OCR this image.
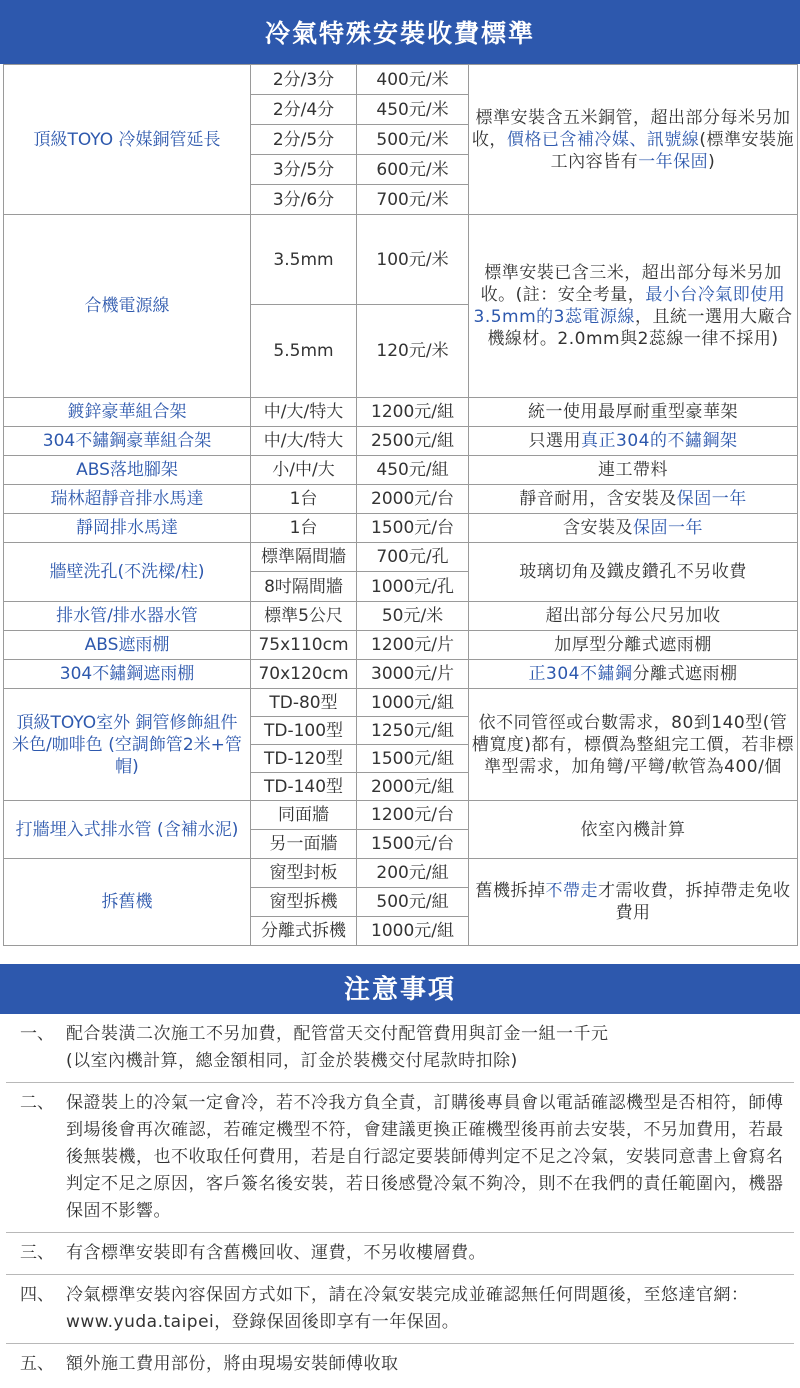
冷氣特殊安裝收費標準
頂級TOYO 冷媒銅管延長	2分/3分	400元/米	標準安裝含五米銅管，超出部分每米另加收，價格已含補冷媒、訊號線(標準安裝施工內容皆有一年保固)
	2分/4分	450元/米	
	2分/5分	500元/米	
	3分/5分	600元/米	
	3分/6分	700元/米	
合機電源線	3.5mm	100元/米	標準安裝已含三米，超出部分每米另加收。(註：安全考量，最小台冷氣即使用3.5mm的3蕊電源線，且統一選用大廠合機線材。2.0mm與2蕊線一律不採用)
	5.5mm	120元/米	
鍍鋅豪華組合架	中/大/特大	1200元/組	統一使用最厚耐重型豪華架
304不鏽鋼豪華組合架	中/大/特大	2500元/組	只選用真正304的不鏽鋼架
ABS落地腳架	小/中/大	450元/組	連工帶料
瑞林超靜音排水馬達	1台	2000元/台	靜音耐用，含安裝及保固一年
靜岡排水馬達	1台	1500元/台	含安裝及保固一年
牆壁洗孔(不洗樑/柱)	標準隔間牆	700元/孔	玻璃切角及鐵皮鑽孔不另收費
	8吋隔間牆	1000元/孔	
排水管/排水器水管	標準5公尺	50元/米	超出部分每公尺另加收
ABS遮雨棚	75x110cm	1200元/片	加厚型分離式遮雨棚
304不鏽鋼遮雨棚	70x120cm	3000元/片	正304不鏽鋼分離式遮雨棚
頂級TOYO室外 銅管修飾組件 米色/咖啡色 (空調飾管2米+管帽)	TD-80型	1000元/組	依不同管徑或台數需求，80到140型(管槽寬度)都有，標價為整組完工價，若非標準型需求，加角彎/平彎/軟管為400/個
	TD-100型	1250元/組	
	TD-120型	1500元/組	
	TD-140型	2000元/組	
打牆埋入式排水管 (含補水泥)	同面牆	1200元/台	依室內機計算
	另一面牆	1500元/台	
拆舊機	窗型封板	200元/組	舊機拆掉不帶走才需收費，拆掉帶走免收費用
	窗型拆機	500元/組	
	分離式拆機	1000元/組	
注意事項
一、 配合裝潢二次施工不另加費，配管當天交付配管費用與訂金一組一千元
(以室內機計算，總金額相同，訂金於裝機交付尾款時扣除)
二、 保證裝上的冷氣一定會冷，若不冷我方負全責，訂購後專員會以電話確認機型是否相符，師傅到場後會再次確認，若確定機型不符，會建議更換正確機型後再前去安裝，不另加費用，若最後無裝機，也不收取任何費用，若是自行認定要裝師傅判定不足之冷氣，安裝同意書上會寫名判定不足之原因，客戶簽名後安裝，若日後感覺冷氣不夠冷，則不在我們的責任範圍內，機器保固不影響。
三、 有含標準安裝即有含舊機回收、運費，不另收樓層費。
四、 冷氣標準安裝內容保固方式如下，請在冷氣安裝完成並確認無任何問題後，至悠達官網：www.yuda.taipei，登錄保固後即享有一年保固。
五、 額外施工費用部份，將由現場安裝師傅收取
